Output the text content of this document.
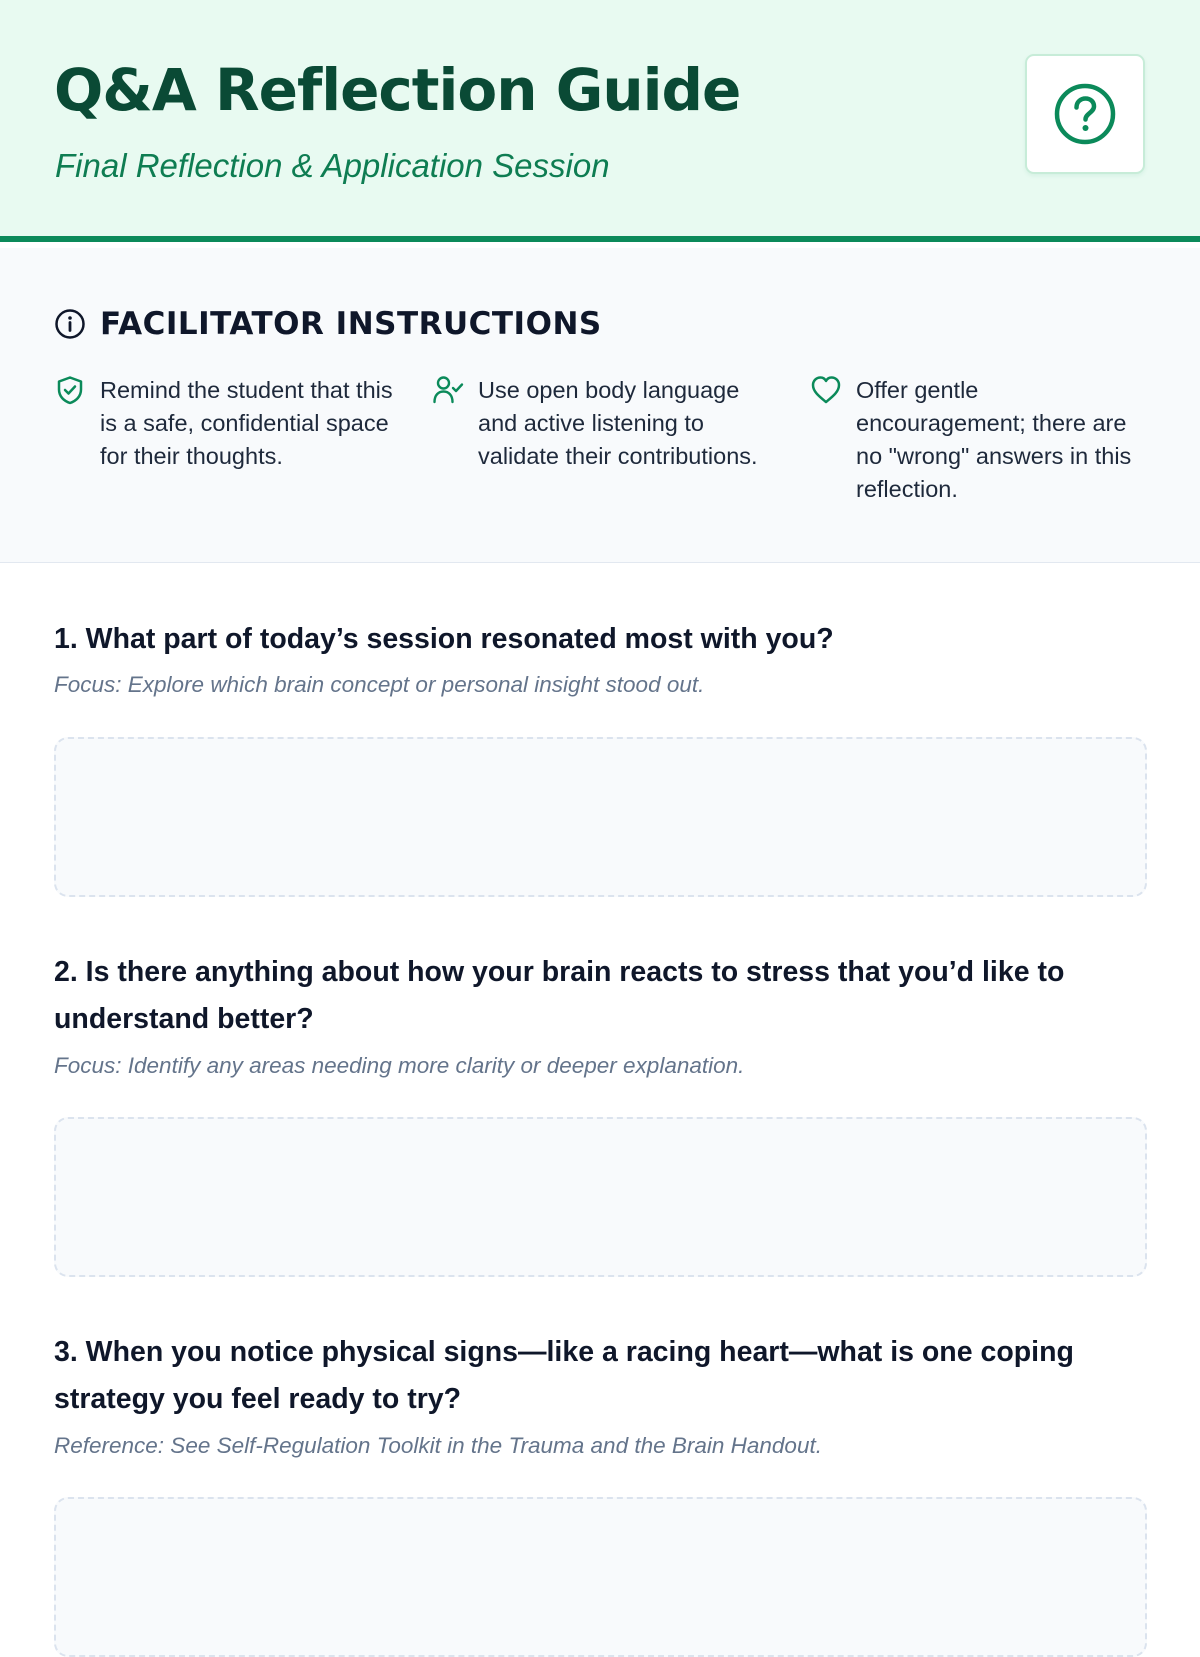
Q&A Reflection Guide

Final Reflection & Application Session

FACILITATOR INSTRUCTIONS
Remind the student that this is a safe, confidential space for their thoughts.
Use open body language and active listening to validate their contributions.
Offer gentle encouragement; there are no "wrong" answers in this reflection.
1. What part of today’s session resonated most with you?

Focus: Explore which brain concept or personal insight stood out.

2. Is there anything about how your brain reacts to stress that you’d like to understand better?

Focus: Identify any areas needing more clarity or deeper explanation.

3. When you notice physical signs—like a racing heart—what is one coping strategy you feel ready to try?

Reference: See Self-Regulation Toolkit in the Trauma and the Brain Handout.
